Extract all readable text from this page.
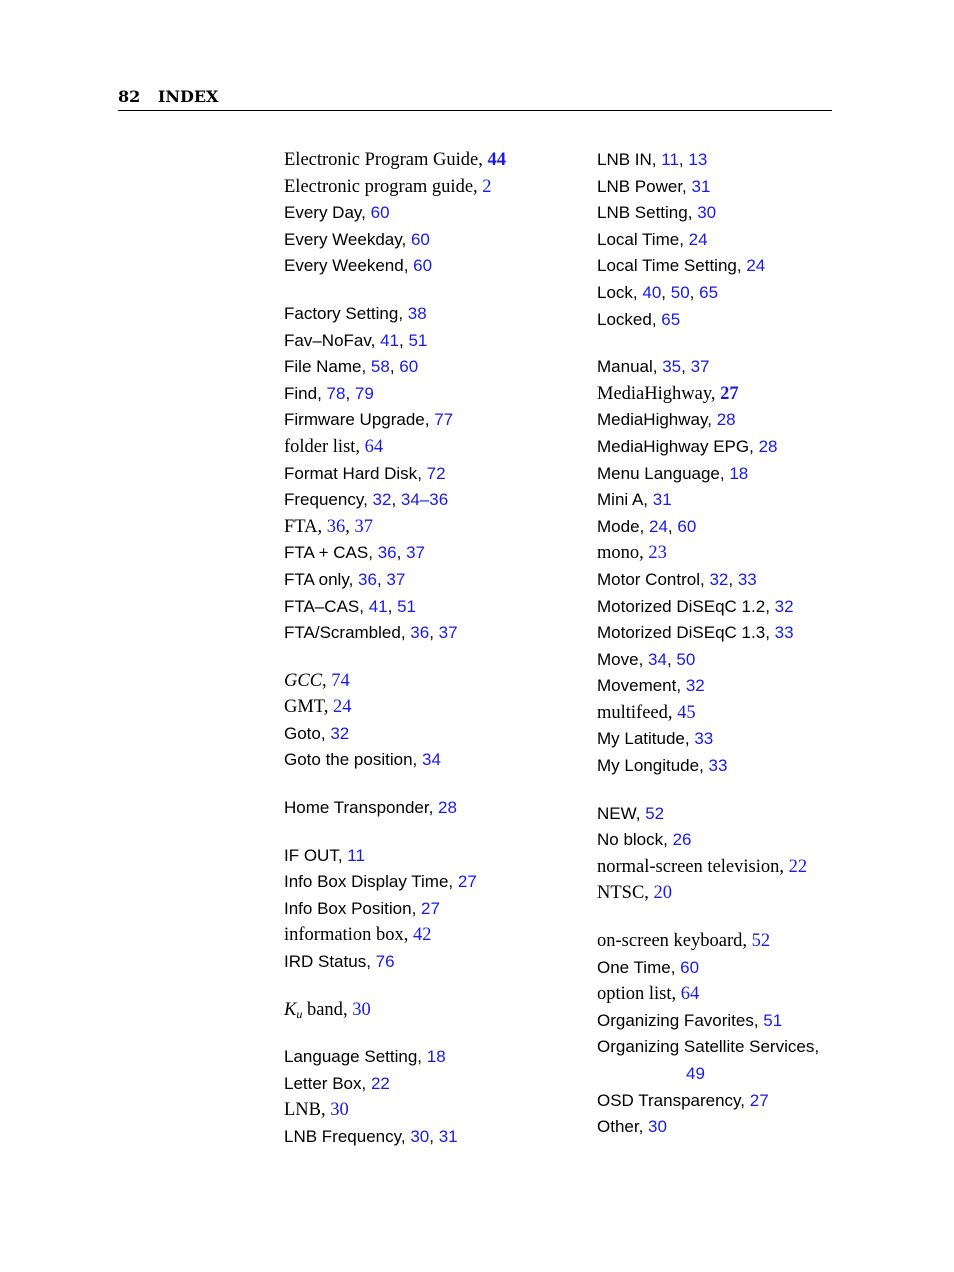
82 INDEX
Electronic Program Guide, 44
Electronic program guide, 2
Every Day, 60
Every Weekday, 60
Every Weekend, 60
Factory Setting, 38
Fav–NoFav, 41, 51
File Name, 58, 60
Find, 78, 79
Firmware Upgrade, 77
folder list, 64
Format Hard Disk, 72
Frequency, 32, 34–36
FTA, 36, 37
FTA + CAS, 36, 37
FTA only, 36, 37
FTA–CAS, 41, 51
FTA/Scrambled, 36, 37
GCC, 74
GMT, 24
Goto, 32
Goto the position, 34
Home Transponder, 28
IF OUT, 11
Info Box Display Time, 27
Info Box Position, 27
information box, 42
IRD Status, 76
$K_u$ band, 30
Language Setting, 18
Letter Box, 22
LNB, 30
LNB Frequency, 30, 31
LNB IN, 11, 13
LNB Power, 31
LNB Setting, 30
Local Time, 24
Local Time Setting, 24
Lock, 40, 50, 65
Locked, 65
Manual, 35, 37
MediaHighway, 27
MediaHighway, 28
MediaHighway EPG, 28
Menu Language, 18
Mini A, 31
Mode, 24, 60
mono, 23
Motor Control, 32, 33
Motorized DiSEqC 1.2, 32
Motorized DiSEqC 1.3, 33
Move, 34, 50
Movement, 32
multifeed, 45
My Latitude, 33
My Longitude, 33
NEW, 52
No block, 26
normal-screen television, 22
NTSC, 20
on-screen keyboard, 52
One Time, 60
option list, 64
Organizing Favorites, 51
Organizing Satellite Services,
49
OSD Transparency, 27
Other, 30
